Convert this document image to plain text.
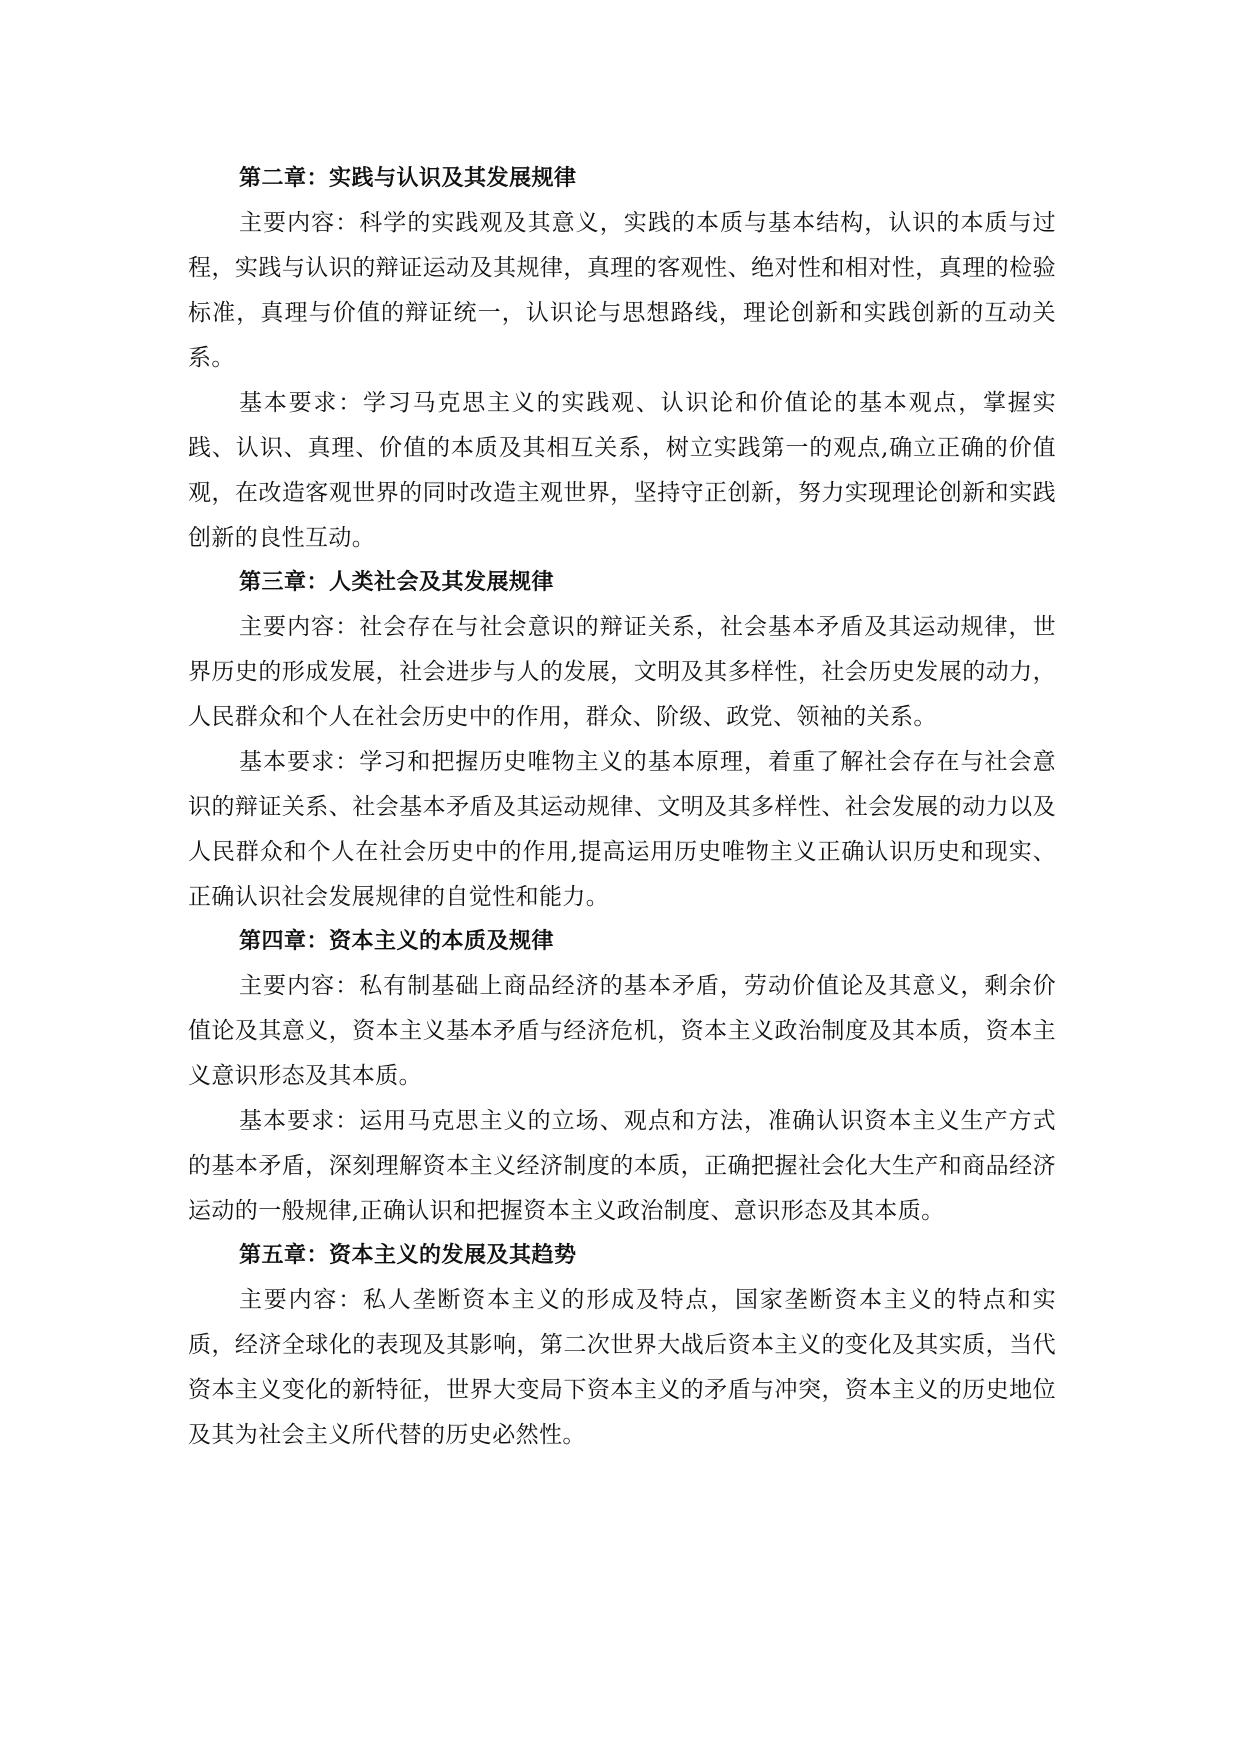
第二章：实践与认识及其发展规律

主要内容：科学的实践观及其意义，实践的本质与基本结构，认识的本质与过程，实践与认识的辩证运动及其规律，真理的客观性、绝对性和相对性，真理的检验标准，真理与价值的辩证统一，认识论与思想路线，理论创新和实践创新的互动关系。

基本要求：学习马克思主义的实践观、认识论和价值论的基本观点，掌握实践、认识、真理、价值的本质及其相互关系，树立实践第一的观点,确立正确的价值观，在改造客观世界的同时改造主观世界，坚持守正创新，努力实现理论创新和实践创新的良性互动。

第三章：人类社会及其发展规律

主要内容：社会存在与社会意识的辩证关系，社会基本矛盾及其运动规律，世界历史的形成发展，社会进步与人的发展，文明及其多样性，社会历史发展的动力，人民群众和个人在社会历史中的作用，群众、阶级、政党、领袖的关系。

基本要求：学习和把握历史唯物主义的基本原理，着重了解社会存在与社会意识的辩证关系、社会基本矛盾及其运动规律、文明及其多样性、社会发展的动力以及人民群众和个人在社会历史中的作用,提高运用历史唯物主义正确认识历史和现实、正确认识社会发展规律的自觉性和能力。

第四章：资本主义的本质及规律

主要内容：私有制基础上商品经济的基本矛盾，劳动价值论及其意义，剩余价值论及其意义，资本主义基本矛盾与经济危机，资本主义政治制度及其本质，资本主义意识形态及其本质。

基本要求：运用马克思主义的立场、观点和方法，准确认识资本主义生产方式的基本矛盾，深刻理解资本主义经济制度的本质，正确把握社会化大生产和商品经济运动的一般规律,正确认识和把握资本主义政治制度、意识形态及其本质。

第五章：资本主义的发展及其趋势

主要内容：私人垄断资本主义的形成及特点，国家垄断资本主义的特点和实质，经济全球化的表现及其影响，第二次世界大战后资本主义的变化及其实质，当代资本主义变化的新特征，世界大变局下资本主义的矛盾与冲突，资本主义的历史地位及其为社会主义所代替的历史必然性。
